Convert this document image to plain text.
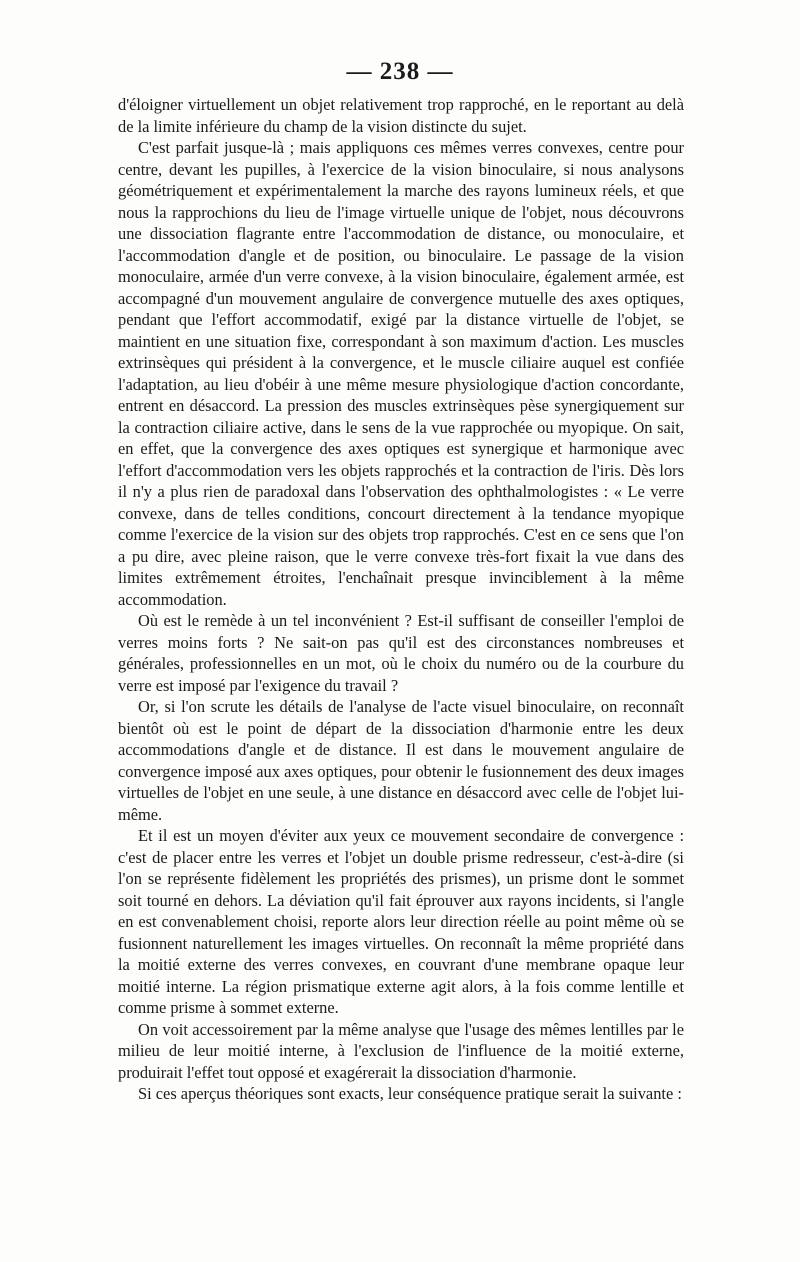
— 238 —

d'éloigner virtuellement un objet relativement trop rapproché, en le reportant au delà de la limite inférieure du champ de la vision distincte du sujet.

C'est parfait jusque-là ; mais appliquons ces mêmes verres convexes, centre pour centre, devant les pupilles, à l'exercice de la vision binoculaire, si nous analysons géométriquement et expérimentalement la marche des rayons lumineux réels, et que nous la rapprochions du lieu de l'image virtuelle unique de l'objet, nous découvrons une dissociation flagrante entre l'accommodation de distance, ou monoculaire, et l'accommodation d'angle et de position, ou binoculaire. Le passage de la vision monoculaire, armée d'un verre convexe, à la vision binoculaire, également armée, est accompagné d'un mouvement angulaire de convergence mutuelle des axes optiques, pendant que l'effort accommodatif, exigé par la distance virtuelle de l'objet, se maintient en une situation fixe, correspondant à son maximum d'action. Les muscles extrinsèques qui président à la convergence, et le muscle ciliaire auquel est confiée l'adaptation, au lieu d'obéir à une même mesure physiologique d'action concordante, entrent en désaccord. La pression des muscles extrinsèques pèse synergiquement sur la contraction ciliaire active, dans le sens de la vue rapprochée ou myopique. On sait, en effet, que la convergence des axes optiques est synergique et harmonique avec l'effort d'accommodation vers les objets rapprochés et la contraction de l'iris. Dès lors il n'y a plus rien de paradoxal dans l'observation des ophthalmologistes : « Le verre convexe, dans de telles conditions, concourt directement à la tendance myopique comme l'exercice de la vision sur des objets trop rapprochés. C'est en ce sens que l'on a pu dire, avec pleine raison, que le verre convexe très-fort fixait la vue dans des limites extrêmement étroites, l'enchaînait presque invinciblement à la même accommodation.

Où est le remède à un tel inconvénient ? Est-il suffisant de conseiller l'emploi de verres moins forts ? Ne sait-on pas qu'il est des circonstances nombreuses et générales, professionnelles en un mot, où le choix du numéro ou de la courbure du verre est imposé par l'exigence du travail ?

Or, si l'on scrute les détails de l'analyse de l'acte visuel binoculaire, on reconnaît bientôt où est le point de départ de la dissociation d'harmonie entre les deux accommodations d'angle et de distance. Il est dans le mouvement angulaire de convergence imposé aux axes optiques, pour obtenir le fusionnement des deux images virtuelles de l'objet en une seule, à une distance en désaccord avec celle de l'objet lui-même.

Et il est un moyen d'éviter aux yeux ce mouvement secondaire de convergence : c'est de placer entre les verres et l'objet un double prisme redresseur, c'est-à-dire (si l'on se représente fidèlement les propriétés des prismes), un prisme dont le sommet soit tourné en dehors. La déviation qu'il fait éprouver aux rayons incidents, si l'angle en est convenablement choisi, reporte alors leur direction réelle au point même où se fusionnent naturellement les images virtuelles. On reconnaît la même propriété dans la moitié externe des verres convexes, en couvrant d'une membrane opaque leur moitié interne. La région prismatique externe agit alors, à la fois comme lentille et comme prisme à sommet externe.

On voit accessoirement par la même analyse que l'usage des mêmes lentilles par le milieu de leur moitié interne, à l'exclusion de l'influence de la moitié externe, produirait l'effet tout opposé et exagérerait la dissociation d'harmonie.

Si ces aperçus théoriques sont exacts, leur conséquence pratique serait la suivante :
